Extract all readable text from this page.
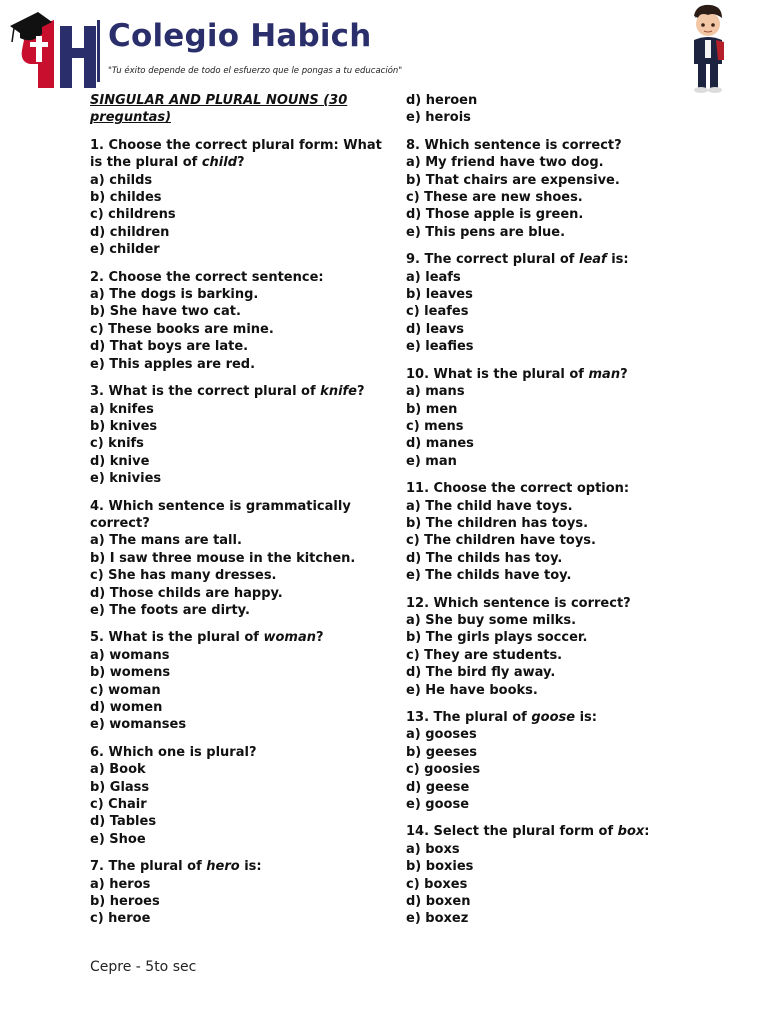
Colegio Habich
"Tu éxito depende de todo el esfuerzo que le pongas a tu educación"
SINGULAR AND PLURAL NOUNS (30 preguntas)
1. Choose the correct plural form: What is the plural of child?
a) childs
b) childes
c) childrens
d) children
e) childer
2. Choose the correct sentence:
a) The dogs is barking.
b) She have two cat.
c) These books are mine.
d) That boys are late.
e) This apples are red.
3. What is the correct plural of knife?
a) knifes
b) knives
c) knifs
d) knive
e) knivies
4. Which sentence is grammatically correct?
a) The mans are tall.
b) I saw three mouse in the kitchen.
c) She has many dresses.
d) Those childs are happy.
e) The foots are dirty.
5. What is the plural of woman?
a) womans
b) womens
c) woman
d) women
e) womanses
6. Which one is plural?
a) Book
b) Glass
c) Chair
d) Tables
e) Shoe
7. The plural of hero is:
a) heros
b) heroes
c) heroe
d) heroen
e) herois
8. Which sentence is correct?
a) My friend have two dog.
b) That chairs are expensive.
c) These are new shoes.
d) Those apple is green.
e) This pens are blue.
9. The correct plural of leaf is:
a) leafs
b) leaves
c) leafes
d) leavs
e) leafies
10. What is the plural of man?
a) mans
b) men
c) mens
d) manes
e) man
11. Choose the correct option:
a) The child have toys.
b) The children has toys.
c) The children have toys.
d) The childs has toy.
e) The childs have toy.
12. Which sentence is correct?
a) She buy some milks.
b) The girls plays soccer.
c) They are students.
d) The bird fly away.
e) He have books.
13. The plural of goose is:
a) gooses
b) geeses
c) goosies
d) geese
e) goose
14. Select the plural form of box:
a) boxs
b) boxies
c) boxes
d) boxen
e) boxez
Cepre - 5to sec
